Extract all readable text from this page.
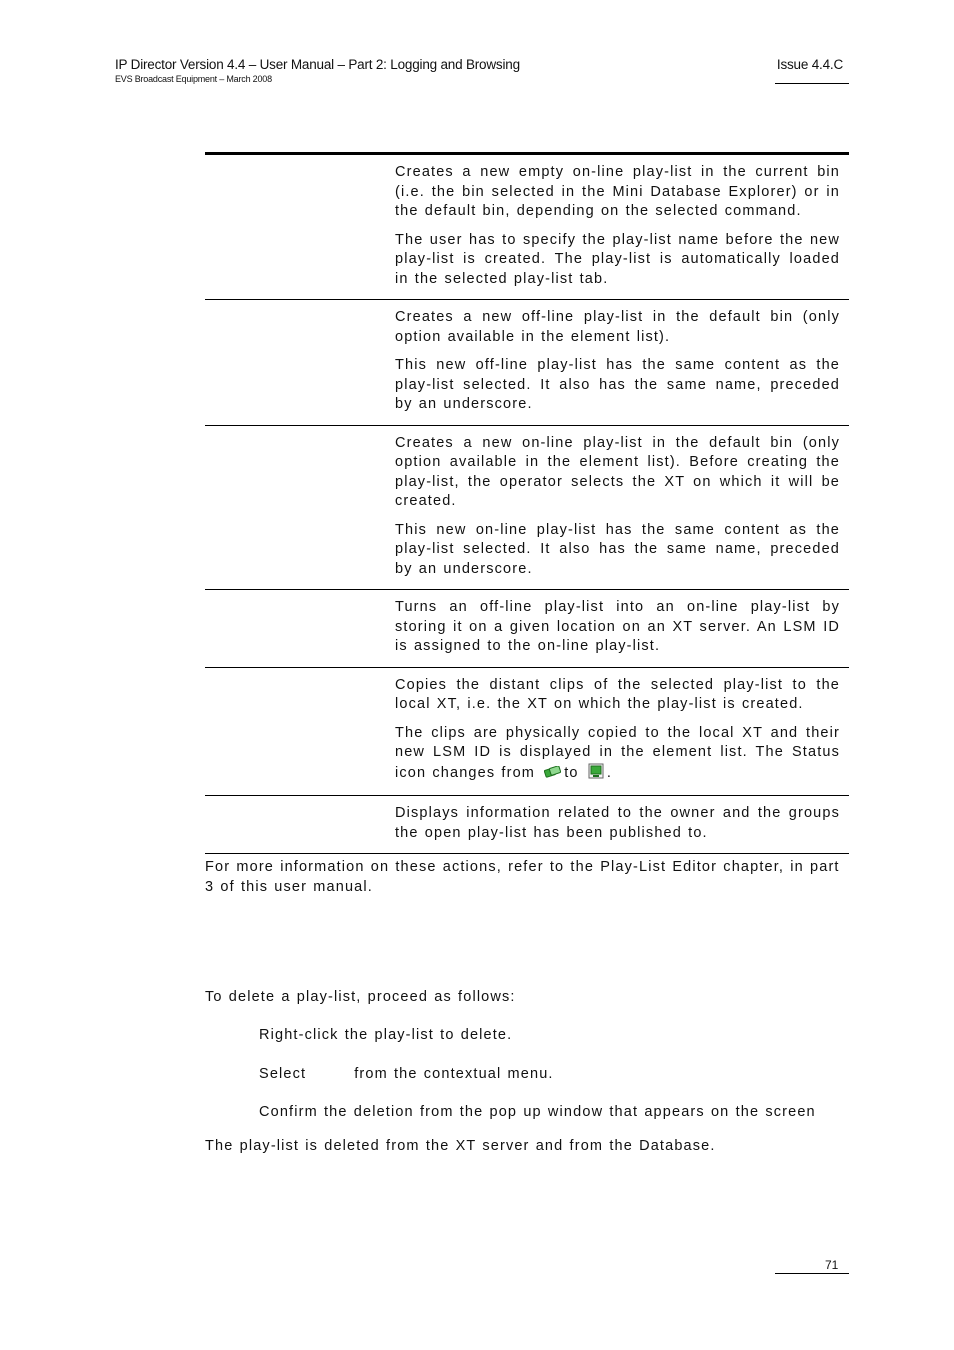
IP Director Version 4.4 – User Manual – Part 2: Logging and Browsing
EVS Broadcast Equipment – March 2008
Issue 4.4.C

Creates a new empty on-line play-list in the current bin (i.e. the bin selected in the Mini Database Explorer) or in the default bin, depending on the selected command.

The user has to specify the play-list name before the new play-list is created. The play-list is automatically loaded in the selected play-list tab.

Creates a new off-line play-list in the default bin (only option available in the element list).

This new off-line play-list has the same content as the play-list selected. It also has the same name, preceded by an underscore.

Creates a new on-line play-list in the default bin (only option available in the element list). Before creating the play-list, the operator selects the XT on which it will be created.

This new on-line play-list has the same content as the play-list selected. It also has the same name, preceded by an underscore.

Turns an off-line play-list into an on-line play-list by storing it on a given location on an XT server. An LSM ID is assigned to the on-line play-list.

Copies the distant clips of the selected play-list to the local XT, i.e. the XT on which the play-list is created.

The clips are physically copied to the local XT and their new LSM ID is displayed in the element list. The Status icon changes from to .

Displays information related to the owner and the groups the open play-list has been published to.

For more information on these actions, refer to the Play-List Editor chapter, in part 3 of this user manual.
To delete a play-list, proceed as follows:
Right-click the play-list to delete.
Select	from the contextual menu.
Confirm the deletion from the pop up window that appears on the screen
The play-list is deleted from the XT server and from the Database.
71
